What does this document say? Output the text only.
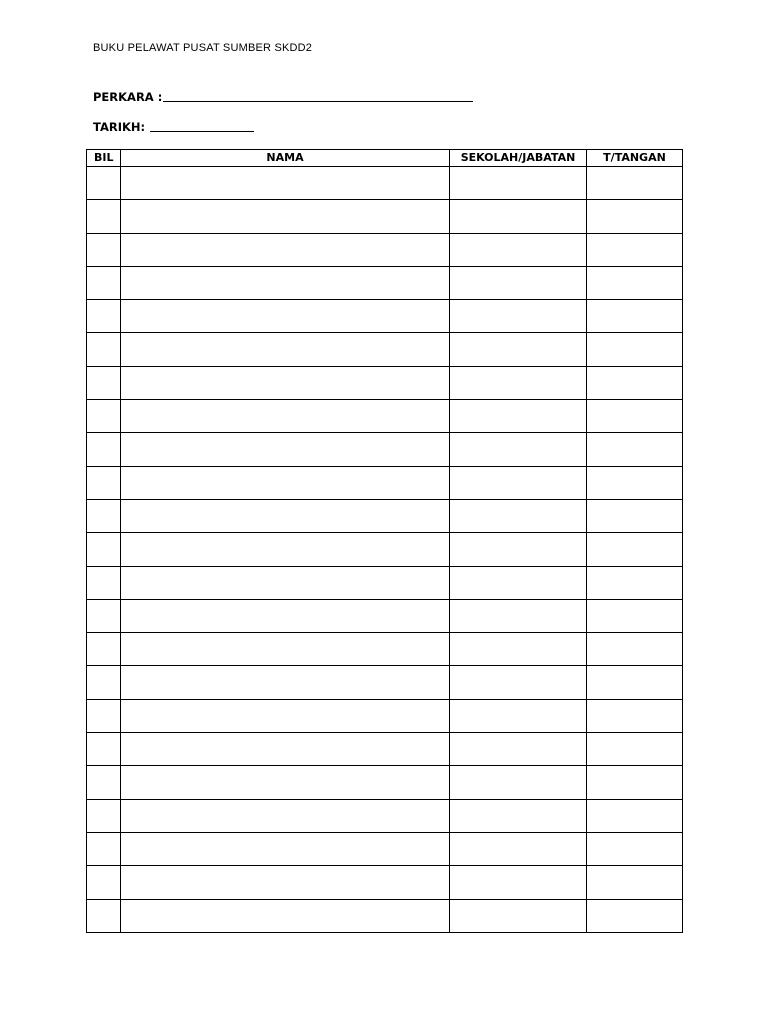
BUKU PELAWAT PUSAT SUMBER SKDD2
PERKARA :
TARIKH:
BIL	NAMA	SEKOLAH/JABATAN	T/TANGAN
